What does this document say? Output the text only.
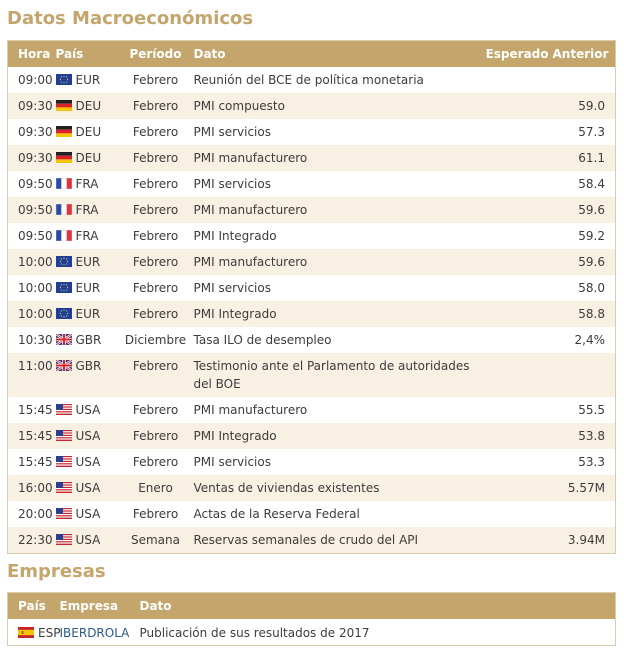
Datos Macroeconómicos
Hora	País	Período	Dato	Esperado	Anterior
09:00	EUR	Febrero	Reunión del BCE de política monetaria		
09:30	DEU	Febrero	PMI compuesto		59.0
09:30	DEU	Febrero	PMI servicios		57.3
09:30	DEU	Febrero	PMI manufacturero		61.1
09:50	FRA	Febrero	PMI servicios		58.4
09:50	FRA	Febrero	PMI manufacturero		59.6
09:50	FRA	Febrero	PMI Integrado		59.2
10:00	EUR	Febrero	PMI manufacturero		59.6
10:00	EUR	Febrero	PMI servicios		58.0
10:00	EUR	Febrero	PMI Integrado		58.8
10:30	GBR	Diciembre	Tasa ILO de desempleo		2,4%
11:00	GBR	Febrero	Testimonio ante el Parlamento de autoridades del BOE		
15:45	USA	Febrero	PMI manufacturero		55.5
15:45	USA	Febrero	PMI Integrado		53.8
15:45	USA	Febrero	PMI servicios		53.3
16:00	USA	Enero	Ventas de viviendas existentes		5.57M
20:00	USA	Febrero	Actas de la Reserva Federal		
22:30	USA	Semana	Reservas semanales de crudo del API		3.94M
Empresas
País	Empresa	Dato

ESP	IBERDROLA	Publicación de sus resultados de 2017
